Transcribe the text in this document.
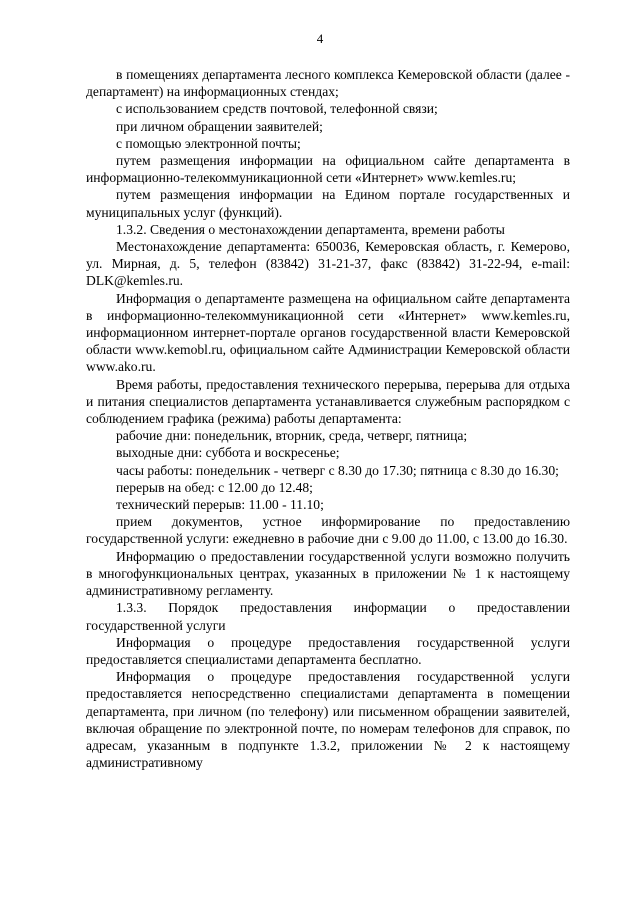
4

в помещениях департамента лесного комплекса Кемеровской области (далее - департамент) на информационных стендах;

с использованием средств почтовой, телефонной связи;

при личном обращении заявителей;

с помощью электронной почты;

путем размещения информации на официальном сайте департамента в информационно-телекоммуникационной сети «Интернет» www.kemles.ru;

путем размещения информации на Едином портале государственных и муниципальных услуг (функций).

1.3.2. Сведения о местонахождении департамента, времени работы

Местонахождение департамента: 650036, Кемеровская область, г. Кемерово, ул. Мирная, д. 5, телефон (83842) 31-21-37, факс (83842) 31-22-94, e-mail: DLK@kemles.ru.

Информация о департаменте размещена на официальном сайте департамента в информационно-телекоммуникационной сети «Интернет» www.kemles.ru, информационном интернет-портале органов государственной власти Кемеровской области www.kemobl.ru, официальном сайте Администрации Кемеровской области www.ako.ru.

Время работы, предоставления технического перерыва, перерыва для отдыха и питания специалистов департамента устанавливается служебным распорядком с соблюдением графика (режима) работы департамента:

рабочие дни: понедельник, вторник, среда, четверг, пятница;

выходные дни: суббота и воскресенье;

часы работы: понедельник - четверг с 8.30 до 17.30; пятница с 8.30 до 16.30;

перерыв на обед: с 12.00 до 12.48;

технический перерыв: 11.00 - 11.10;

прием документов, устное информирование по предоставлению государственной услуги: ежедневно в рабочие дни с 9.00 до 11.00, с 13.00 до 16.30.

Информацию о предоставлении государственной услуги возможно получить в многофункциональных центрах, указанных в приложении № 1 к настоящему административному регламенту.

1.3.3. Порядок предоставления информации о предоставлении государственной услуги

Информация о процедуре предоставления государственной услуги предоставляется специалистами департамента бесплатно.

Информация о процедуре предоставления государственной услуги предоставляется непосредственно специалистами департамента в помещении департамента, при личном (по телефону) или письменном обращении заявителей, включая обращение по электронной почте, по номерам телефонов для справок, по адресам, указанным в подпункте 1.3.2, приложении № 2 к настоящему административному
